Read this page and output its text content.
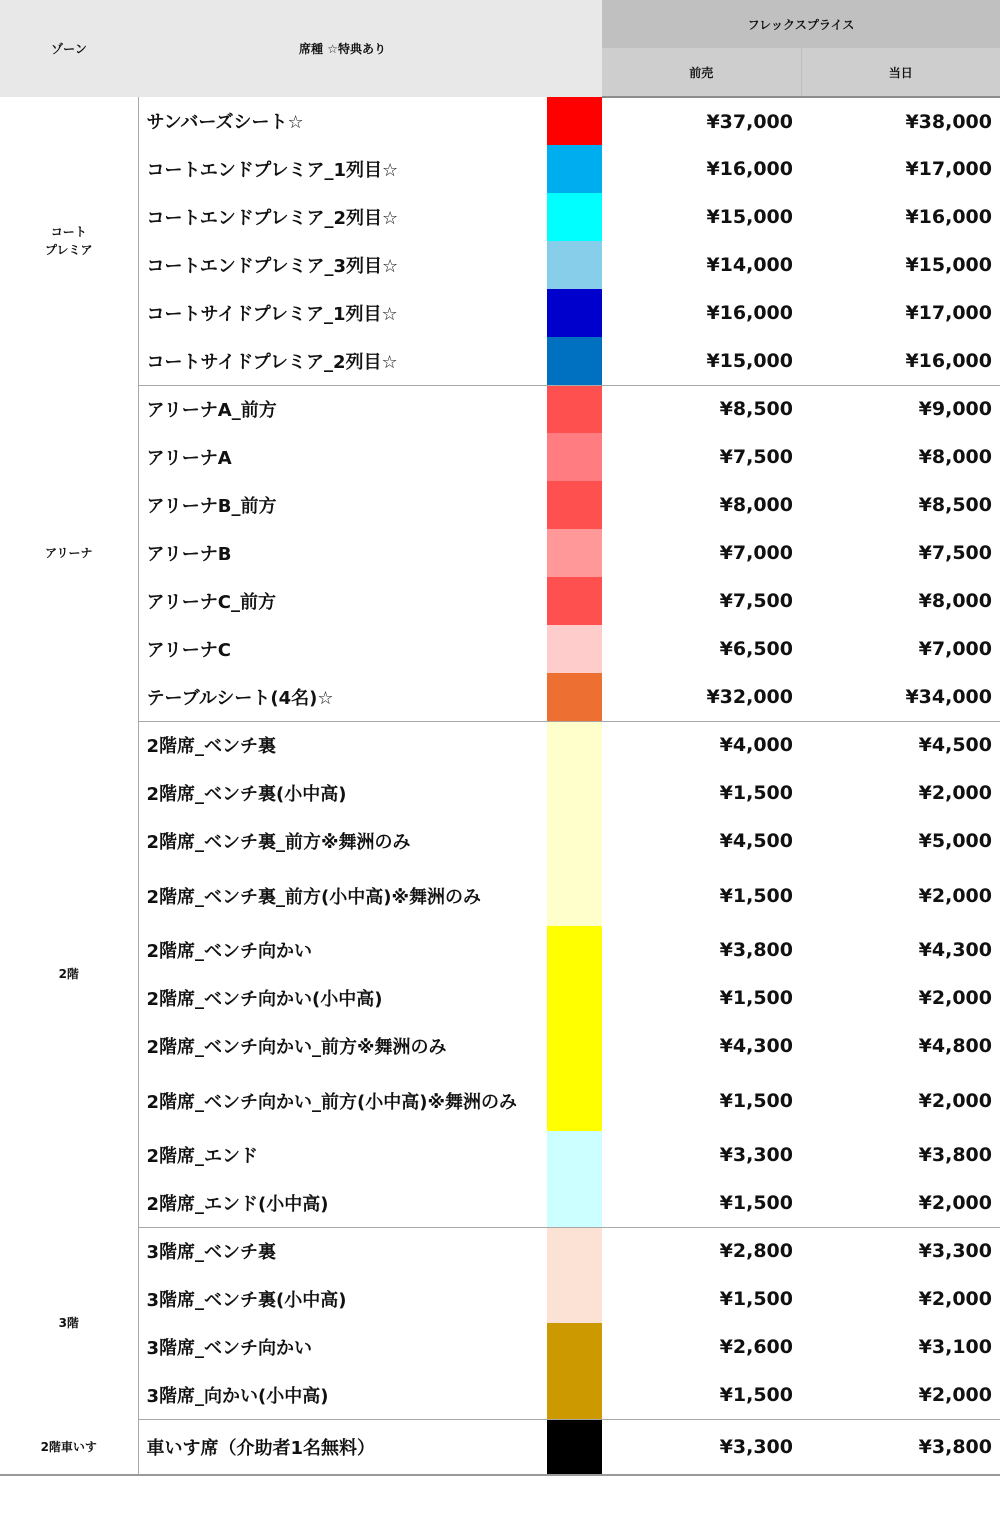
ゾーン	席種 ☆特典あり		フレックスプライス	
			前売	当日
コート
プレミア	サンバーズシート☆		¥37,000	¥38,000
	コートエンドプレミア_1列目☆		¥16,000	¥17,000
	コートエンドプレミア_2列目☆		¥15,000	¥16,000
	コートエンドプレミア_3列目☆		¥14,000	¥15,000
	コートサイドプレミア_1列目☆		¥16,000	¥17,000
	コートサイドプレミア_2列目☆		¥15,000	¥16,000
アリーナ	アリーナA_前方		¥8,500	¥9,000
	アリーナA		¥7,500	¥8,000
	アリーナB_前方		¥8,000	¥8,500
	アリーナB		¥7,000	¥7,500
	アリーナC_前方		¥7,500	¥8,000
	アリーナC		¥6,500	¥7,000
	テーブルシート(4名)☆		¥32,000	¥34,000
2階	2階席_ベンチ裏		¥4,000	¥4,500
	2階席_ベンチ裏(小中高)		¥1,500	¥2,000
	2階席_ベンチ裏_前方※舞洲のみ		¥4,500	¥5,000
	2階席_ベンチ裏_前方(小中高)※舞洲のみ		¥1,500	¥2,000
	2階席_ベンチ向かい		¥3,800	¥4,300
	2階席_ベンチ向かい(小中高)		¥1,500	¥2,000
	2階席_ベンチ向かい_前方※舞洲のみ		¥4,300	¥4,800
	2階席_ベンチ向かい_前方(小中高)※舞洲のみ		¥1,500	¥2,000
	2階席_エンド		¥3,300	¥3,800
	2階席_エンド(小中高)		¥1,500	¥2,000
3階	3階席_ベンチ裏		¥2,800	¥3,300
	3階席_ベンチ裏(小中高)		¥1,500	¥2,000
	3階席_ベンチ向かい		¥2,600	¥3,100
	3階席_向かい(小中高)		¥1,500	¥2,000
2階車いす	車いす席（介助者1名無料）		¥3,300	¥3,800
